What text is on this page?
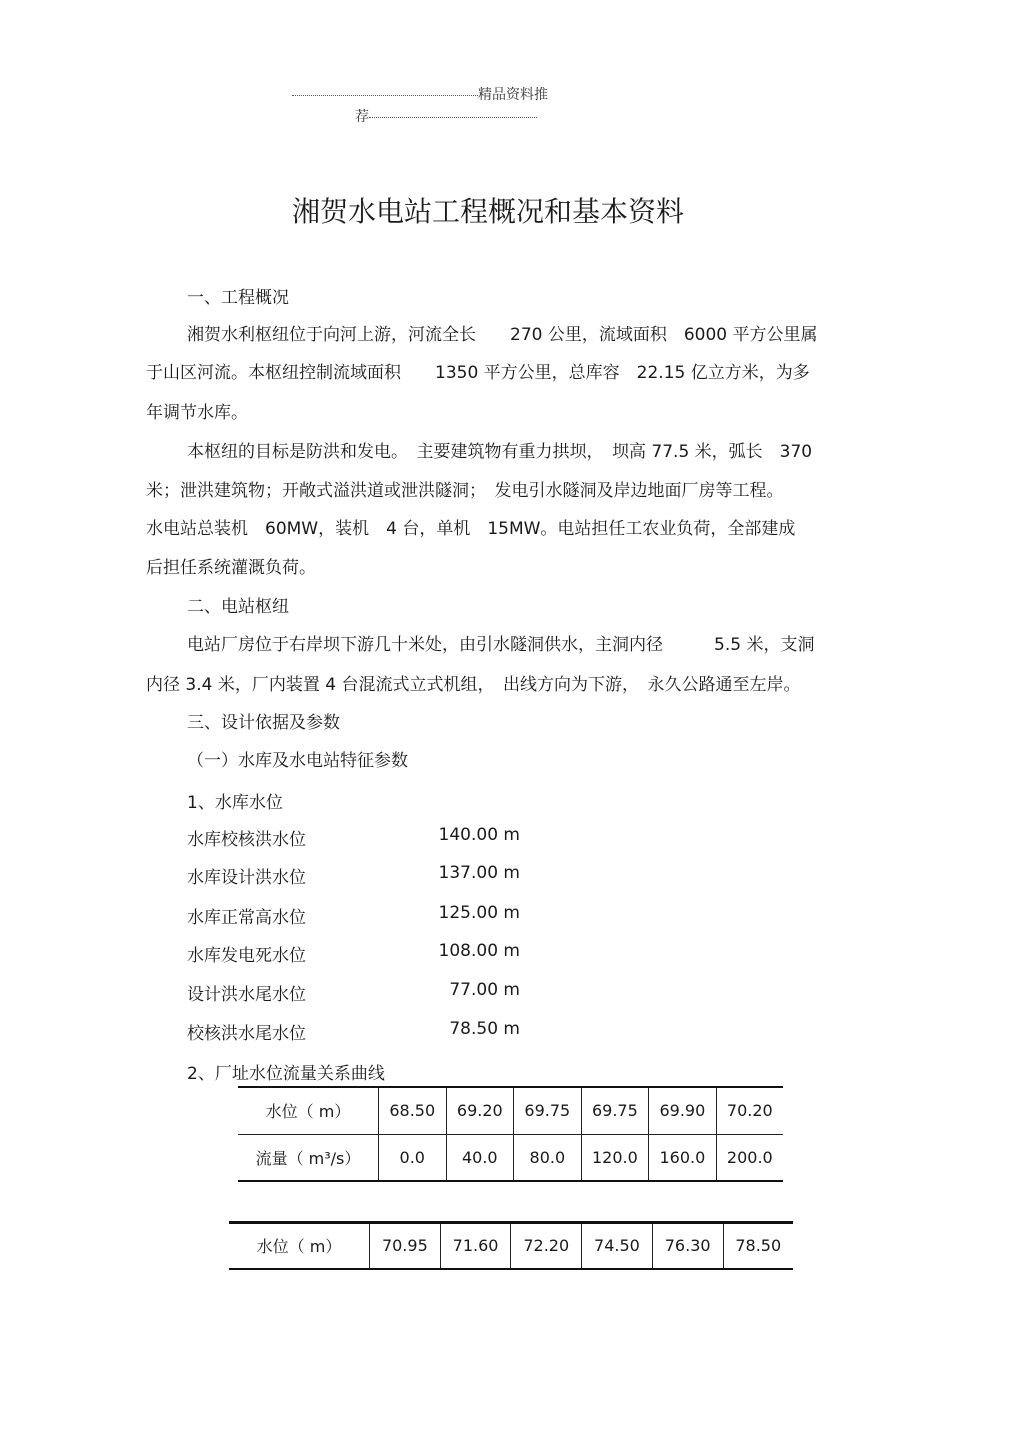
精品资料推
荐
湘贺水电站工程概况和基本资料
一、工程概况
湘贺水利枢纽位于向河上游，河流全长　　270 公里，流域面积　6000 平方公里属
于山区河流。本枢纽控制流域面积　　1350 平方公里，总库容　22.15 亿立方米，为多
年调节水库。
本枢纽的目标是防洪和发电。　主要建筑物有重力拱坝，　坝高 77.5 米，弧长　370
米；泄洪建筑物；开敞式溢洪道或泄洪隧洞；　发电引水隧洞及岸边地面厂房等工程。
水电站总装机　60MW，装机　4 台，单机　15MW。电站担任工农业负荷，全部建成
后担任系统灌溉负荷。
二、电站枢纽
电站厂房位于右岸坝下游几十米处，由引水隧洞供水，主洞内径　　　5.5 米，支洞
内径 3.4 米，厂内装置 4 台混流式立式机组，　出线方向为下游，　永久公路通至左岸。
三、设计依据及参数
（一）水库及水电站特征参数
1、水库水位
水库校核洪水位	140.00 m
水库设计洪水位	137.00 m
水库正常高水位	125.00 m
水库发电死水位	108.00 m
设计洪水尾水位	77.00 m
校核洪水尾水位	78.50 m
2、厂址水位流量关系曲线
水位（ m）	68.50	69.20	69.75	69.75	69.90	70.20
流量（ m³/s）	0.0	40.0	80.0	120.0	160.0	200.0
水位（ m）	70.95	71.60	72.20	74.50	76.30	78.50
